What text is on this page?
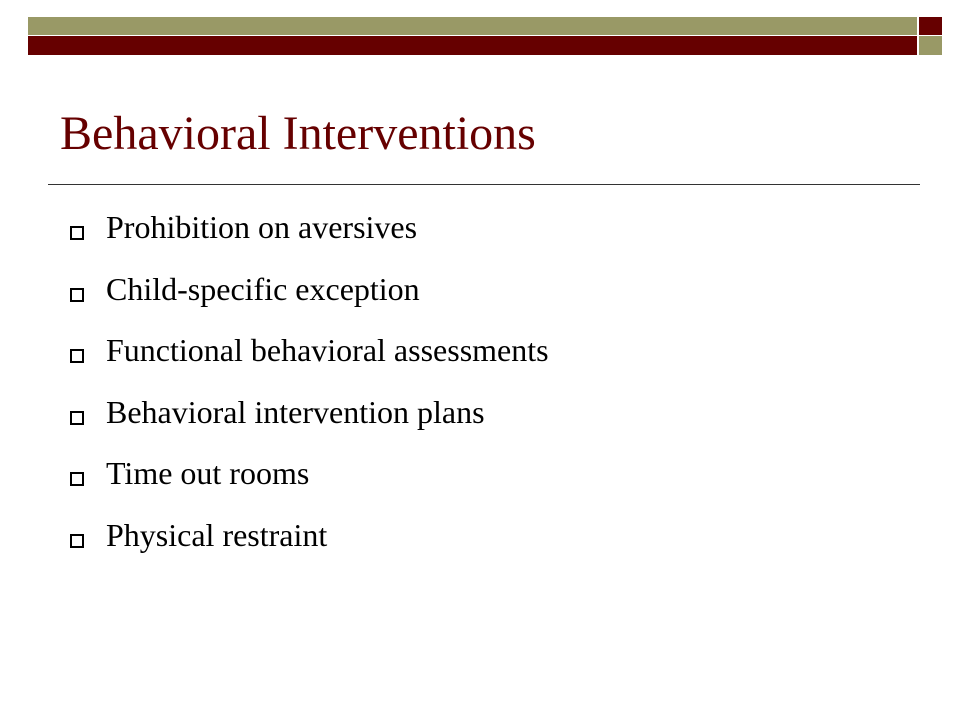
Behavioral Interventions
Prohibition on aversives
Child-specific exception
Functional behavioral assessments
Behavioral intervention plans
Time out rooms
Physical restraint
